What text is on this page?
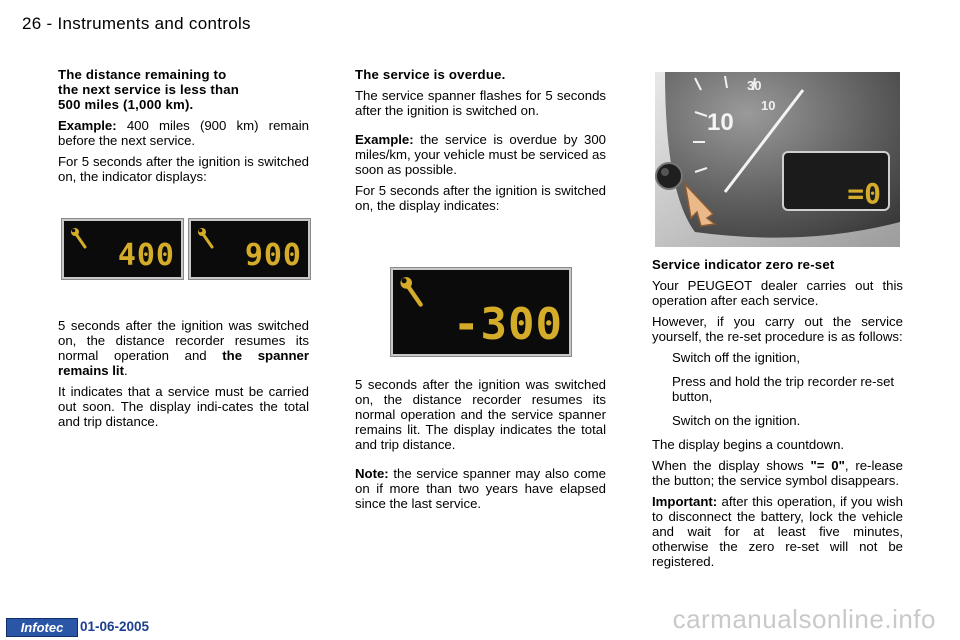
26 - Instruments and controls
The distance remaining to
the next service is less than
500 miles (1,000 km).

Example: 400 miles (900 km) remain before the next service.

For 5 seconds after the ignition is switched on, the indicator displays:

400 900

5 seconds after the ignition was switched on, the distance recorder resumes its normal operation and the spanner remains lit.

It indicates that a service must be carried out soon. The display indi-cates the total and trip distance.

The service is overdue.

The service spanner flashes for 5 seconds after the ignition is switched on.

Example: the service is overdue by 300 miles/km, your vehicle must be serviced as soon as possible.

For 5 seconds after the ignition is switched on, the display indicates:

-300

5 seconds after the ignition was switched on, the distance recorder resumes its normal operation and the service spanner remains lit. The display indicates the total and trip distance.

Note: the service spanner may also come on if more than two years have elapsed since the last service.

30
10
10
=0
Service indicator zero re-set

Your PEUGEOT dealer carries out this operation after each service.

However, if you carry out the service yourself, the re-set procedure is as follows:

Switch off the ignition,
Press and hold the trip recorder re-set button,
Switch on the ignition.

The display begins a countdown.

When the display shows "= 0", re-lease the button; the service symbol disappears.

Important: after this operation, if you wish to disconnect the battery, lock the vehicle and wait for at least five minutes, otherwise the zero re-set will not be registered.

Infotec	01-06-2005	carmanualsonline.info
